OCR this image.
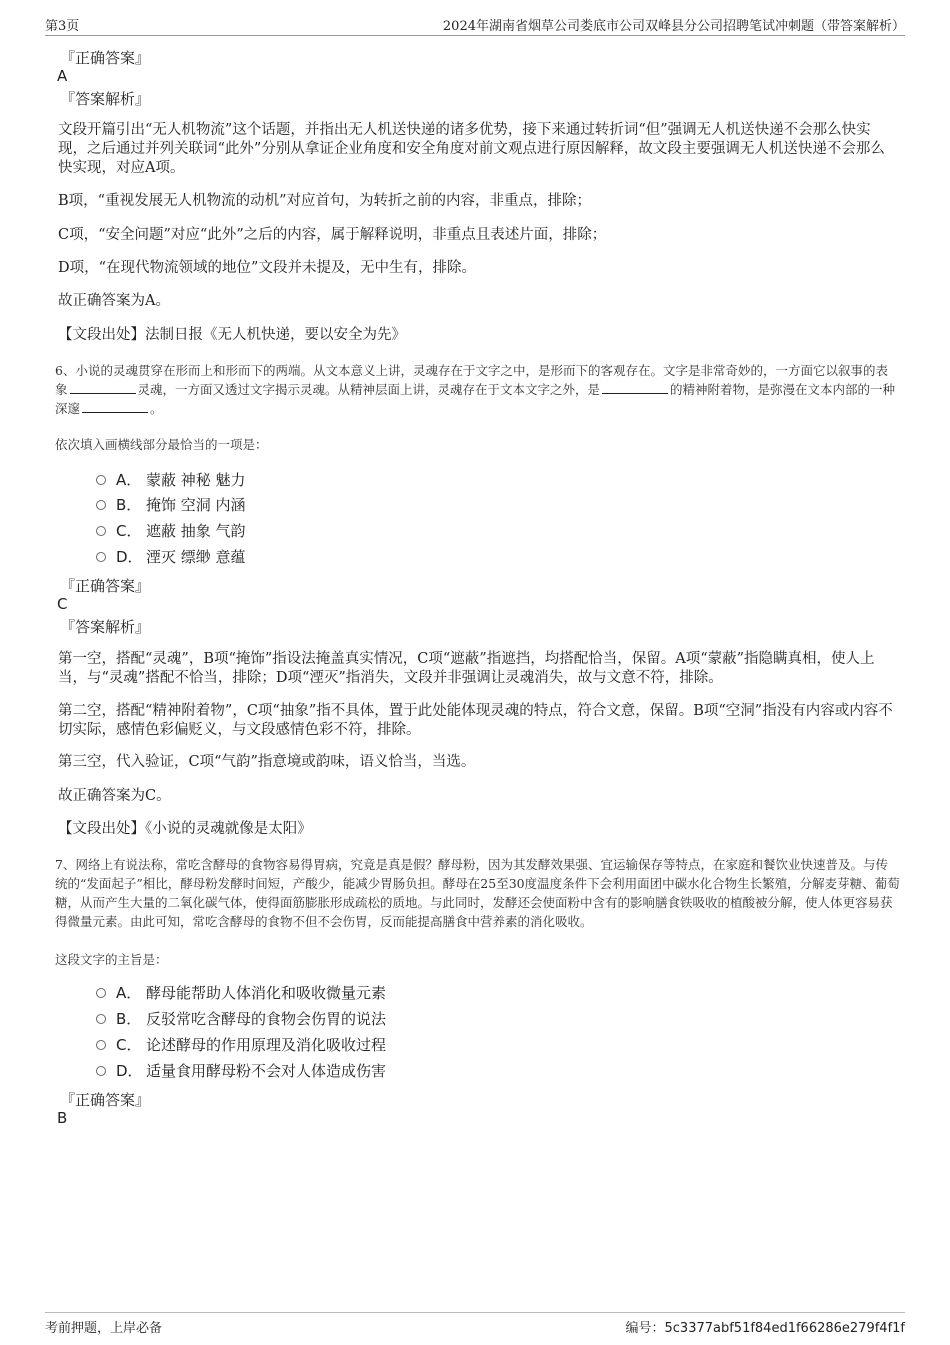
第3页	2024年湖南省烟草公司娄底市公司双峰县分公司招聘笔试冲刺题（带答案解析）
『正确答案』
A
『答案解析』
文段开篇引出“无人机物流”这个话题，并指出无人机送快递的诸多优势，接下来通过转折词“但”强调无人机送快递不会那么快实现，之后通过并列关联词“此外”分别从拿证企业角度和安全角度对前文观点进行原因解释，故文段主要强调无人机送快递不会那么快实现，对应A项。
B项，“重视发展无人机物流的动机”对应首句，为转折之前的内容，非重点，排除；
C项，“安全问题”对应“此外”之后的内容，属于解释说明，非重点且表述片面，排除；
D项，“在现代物流领域的地位”文段并未提及，无中生有，排除。
故正确答案为A。
【文段出处】法制日报《无人机快递，要以安全为先》
6、小说的灵魂贯穿在形而上和形而下的两端。从文本意义上讲，灵魂存在于文字之中，是形而下的客观存在。文字是非常奇妙的，一方面它以叙事的表象	灵魂，一方面又透过文字揭示灵魂。从精神层面上讲，灵魂存在于文本文字之外，是	的精神附着物，是弥漫在文本内部的一种深邃	。
依次填入画横线部分最恰当的一项是：
A． 蒙蔽 神秘 魅力
B． 掩饰 空洞 内涵
C． 遮蔽 抽象 气韵
D． 湮灭 缥缈 意蕴
『正确答案』
C
『答案解析』
第一空，搭配“灵魂”，B项“掩饰”指设法掩盖真实情况，C项“遮蔽”指遮挡，均搭配恰当，保留。A项“蒙蔽”指隐瞒真相，使人上当，与“灵魂”搭配不恰当，排除；D项“湮灭”指消失，文段并非强调让灵魂消失，故与文意不符，排除。
第二空，搭配“精神附着物”，C项“抽象”指不具体，置于此处能体现灵魂的特点，符合文意，保留。B项“空洞”指没有内容或内容不切实际，感情色彩偏贬义，与文段感情色彩不符，排除。
第三空，代入验证，C项“气韵”指意境或韵味，语义恰当，当选。
故正确答案为C。
【文段出处】《小说的灵魂就像是太阳》
7、网络上有说法称，常吃含酵母的食物容易得胃病，究竟是真是假？酵母粉，因为其发酵效果强、宜运输保存等特点，在家庭和餐饮业快速普及。与传统的“发面起子”相比，酵母粉发酵时间短，产酸少，能减少胃肠负担。酵母在25至30度温度条件下会利用面团中碳水化合物生长繁殖，分解麦芽糖、葡萄糖，从而产生大量的二氧化碳气体，使得面筋膨胀形成疏松的质地。与此同时，发酵还会使面粉中含有的影响膳食铁吸收的植酸被分解，使人体更容易获得微量元素。由此可知，常吃含酵母的食物不但不会伤胃，反而能提高膳食中营养素的消化吸收。
这段文字的主旨是：
A． 酵母能帮助人体消化和吸收微量元素
B． 反驳常吃含酵母的食物会伤胃的说法
C． 论述酵母的作用原理及消化吸收过程
D． 适量食用酵母粉不会对人体造成伤害
『正确答案』
B
考前押题，上岸必备	编号：5c3377abf51f84ed1f66286e279f4f1f
